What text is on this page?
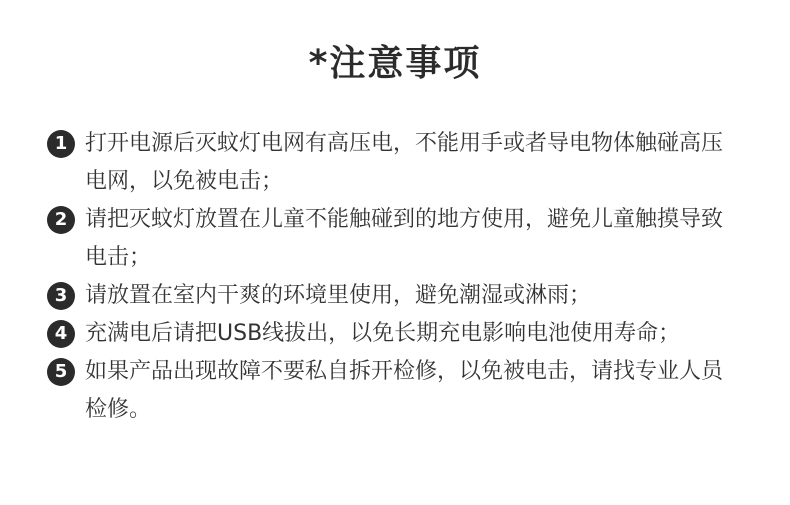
*注意事项
1 打开电源后灭蚊灯电网有高压电，不能用手或者导电物体触碰高压电网，以免被电击；
2 请把灭蚊灯放置在儿童不能触碰到的地方使用，避免儿童触摸导致电击；
3 请放置在室内干爽的环境里使用，避免潮湿或淋雨；
4 充满电后请把USB线拔出，以免长期充电影响电池使用寿命；
5 如果产品出现故障不要私自拆开检修，以免被电击，请找专业人员检修。
